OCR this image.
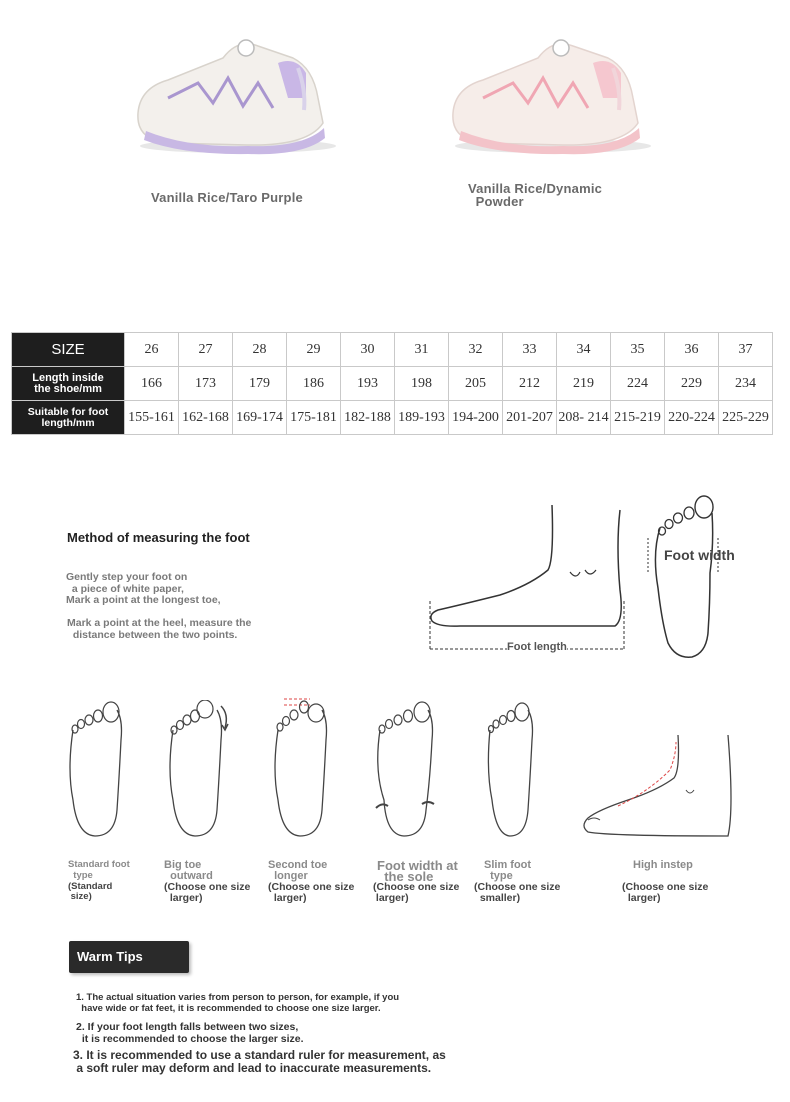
Vanilla Rice/Taro Purple
Vanilla Rice/Dynamic
Powder
SIZE	26	27	28	29	30	31	32	33	34	35	36	37
Length inside
the shoe/mm	166	173	179	186	193	198	205	212	219	224	229	234
Suitable for foot
length/mm	155-161	162-168	169-174	175-181	182-188	189-193	194-200	201-207	208- 214	215-219	220-224	225-229
Method of measuring the foot
Gently step your foot on
a piece of white paper,
Mark a point at the longest toe,
Mark a point at the heel, measure the
distance between the two points.
Foot length
Foot width
Standard foot
type
(Standard
size)
Big toe
outward
(Choose one size
larger)
Second toe
longer
(Choose one size
larger)
Foot width at
the sole
(Choose one size
larger)
Slim foot
type
(Choose one size
smaller)
High instep
(Choose one size
larger)
Warm Tips
1. The actual situation varies from person to person, for example, if you
have wide or fat feet, it is recommended to choose one size larger.
2. If your foot length falls between two sizes,
it is recommended to choose the larger size.
3. It is recommended to use a standard ruler for measurement, as
a soft ruler may deform and lead to inaccurate measurements.
